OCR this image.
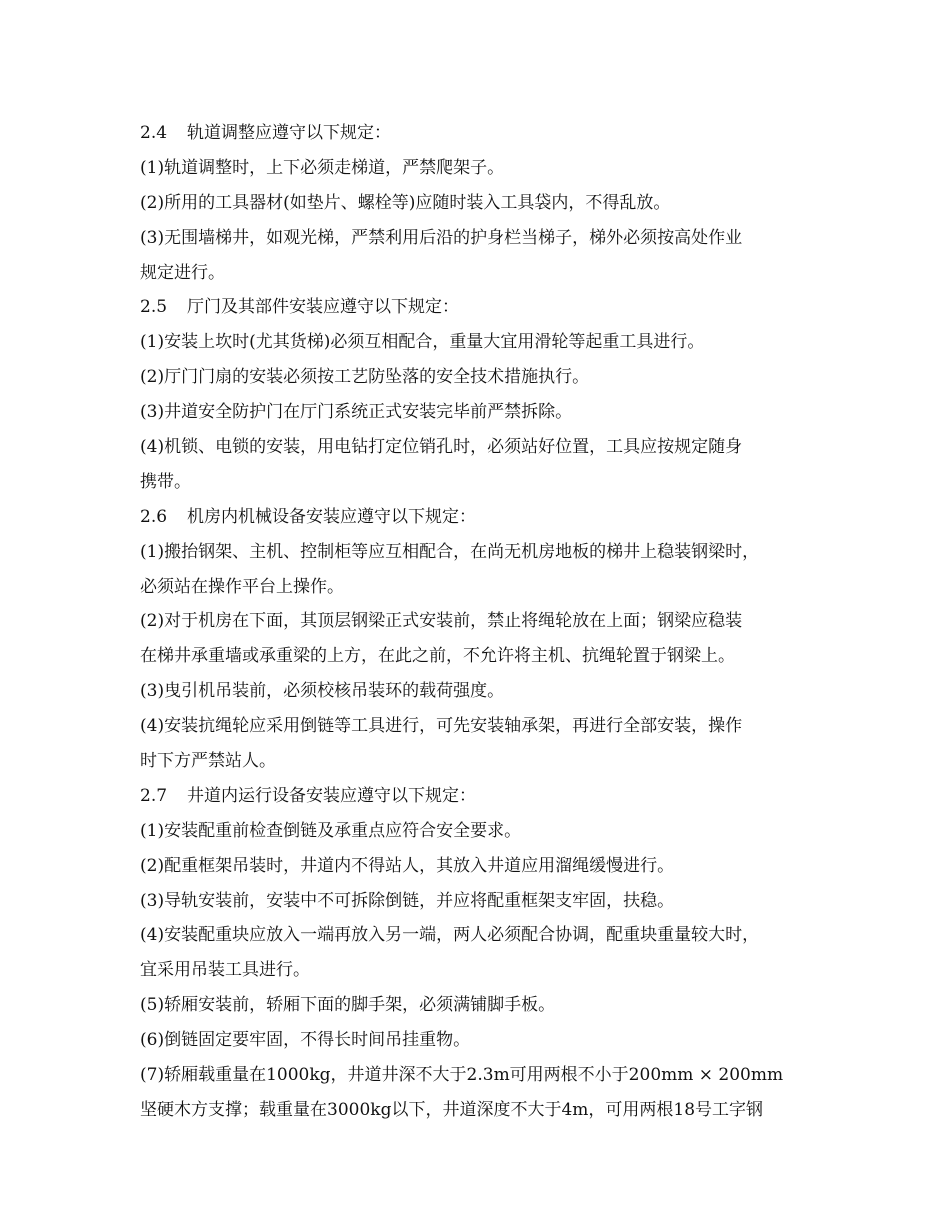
2.4 轨道调整应遵守以下规定：
(1)轨道调整时，上下必须走梯道，严禁爬架子。
(2)所用的工具器材(如垫片、螺栓等)应随时装入工具袋内，不得乱放。
(3)无围墙梯井，如观光梯，严禁利用后沿的护身栏当梯子，梯外必须按高处作业
规定进行。
2.5 厅门及其部件安装应遵守以下规定：
(1)安装上坎时(尤其货梯)必须互相配合，重量大宜用滑轮等起重工具进行。
(2)厅门门扇的安装必须按工艺防坠落的安全技术措施执行。
(3)井道安全防护门在厅门系统正式安装完毕前严禁拆除。
(4)机锁、电锁的安装，用电钻打定位销孔时，必须站好位置，工具应按规定随身
携带。
2.6 机房内机械设备安装应遵守以下规定：
(1)搬抬钢架、主机、控制柜等应互相配合，在尚无机房地板的梯井上稳装钢梁时，
必须站在操作平台上操作。
(2)对于机房在下面，其顶层钢梁正式安装前，禁止将绳轮放在上面；钢梁应稳装
在梯井承重墙或承重梁的上方，在此之前，不允许将主机、抗绳轮置于钢梁上。
(3)曳引机吊装前，必须校核吊装环的载荷强度。
(4)安装抗绳轮应采用倒链等工具进行，可先安装轴承架，再进行全部安装，操作
时下方严禁站人。
2.7 井道内运行设备安装应遵守以下规定：
(1)安装配重前检查倒链及承重点应符合安全要求。
(2)配重框架吊装时，井道内不得站人，其放入井道应用溜绳缓慢进行。
(3)导轨安装前，安装中不可拆除倒链，并应将配重框架支牢固，扶稳。
(4)安装配重块应放入一端再放入另一端，两人必须配合协调，配重块重量较大时，
宜采用吊装工具进行。
(5)轿厢安装前，轿厢下面的脚手架，必须满铺脚手板。
(6)倒链固定要牢固，不得长时间吊挂重物。
(7)轿厢载重量在1000kg，井道井深不大于2.3m可用两根不小于200mm × 200mm
坚硬木方支撑；载重量在3000kg以下，井道深度不大于4m，可用两根18号工字钢
